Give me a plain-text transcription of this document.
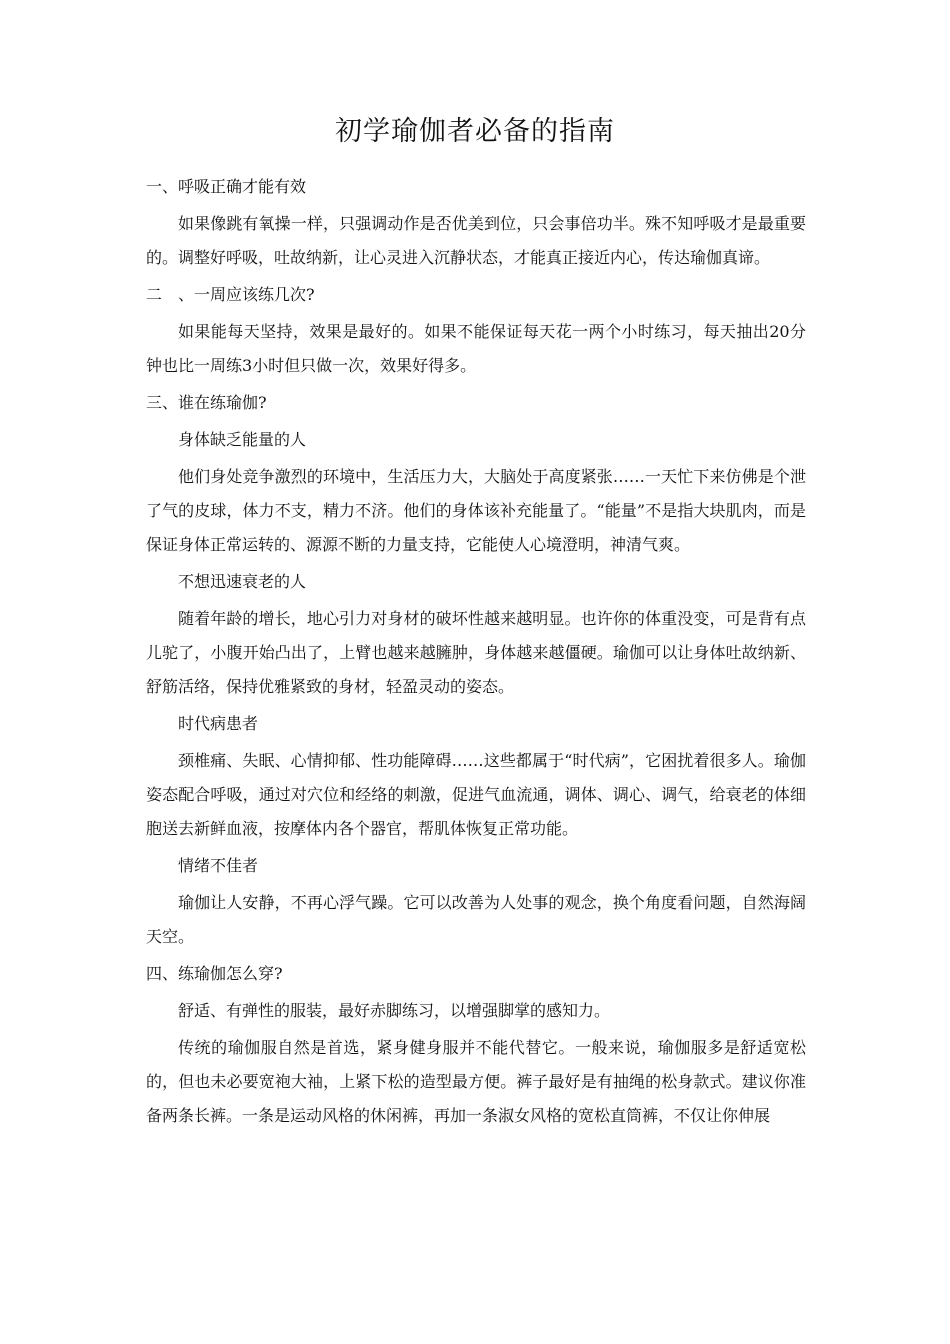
初学瑜伽者必备的指南

一、呼吸正确才能有效

如果像跳有氧操一样，只强调动作是否优美到位，只会事倍功半。殊不知呼吸才是最重要的。调整好呼吸，吐故纳新，让心灵进入沉静状态，才能真正接近内心，传达瑜伽真谛。

二　、一周应该练几次?

如果能每天坚持，效果是最好的。如果不能保证每天花一两个小时练习，每天抽出20分钟也比一周练3小时但只做一次，效果好得多。

三、谁在练瑜伽?

身体缺乏能量的人

他们身处竞争激烈的环境中，生活压力大，大脑处于高度紧张……一天忙下来仿佛是个泄了气的皮球，体力不支，精力不济。他们的身体该补充能量了。“能量”不是指大块肌肉，而是保证身体正常运转的、源源不断的力量支持，它能使人心境澄明，神清气爽。

不想迅速衰老的人

随着年龄的增长，地心引力对身材的破坏性越来越明显。也许你的体重没变，可是背有点儿驼了，小腹开始凸出了，上臂也越来越臃肿，身体越来越僵硬。瑜伽可以让身体吐故纳新、舒筋活络，保持优雅紧致的身材，轻盈灵动的姿态。

时代病患者

颈椎痛、失眠、心情抑郁、性功能障碍……这些都属于“时代病”，它困扰着很多人。瑜伽姿态配合呼吸，通过对穴位和经络的刺激，促进气血流通，调体、调心、调气，给衰老的体细胞送去新鲜血液，按摩体内各个器官，帮肌体恢复正常功能。

情绪不佳者

瑜伽让人安静，不再心浮气躁。它可以改善为人处事的观念，换个角度看问题，自然海阔天空。

四、练瑜伽怎么穿?

舒适、有弹性的服装，最好赤脚练习，以增强脚掌的感知力。

传统的瑜伽服自然是首选，紧身健身服并不能代替它。一般来说，瑜伽服多是舒适宽松的，但也未必要宽袍大袖，上紧下松的造型最方便。裤子最好是有抽绳的松身款式。建议你准备两条长裤。一条是运动风格的休闲裤，再加一条淑女风格的宽松直筒裤，不仅让你伸展
